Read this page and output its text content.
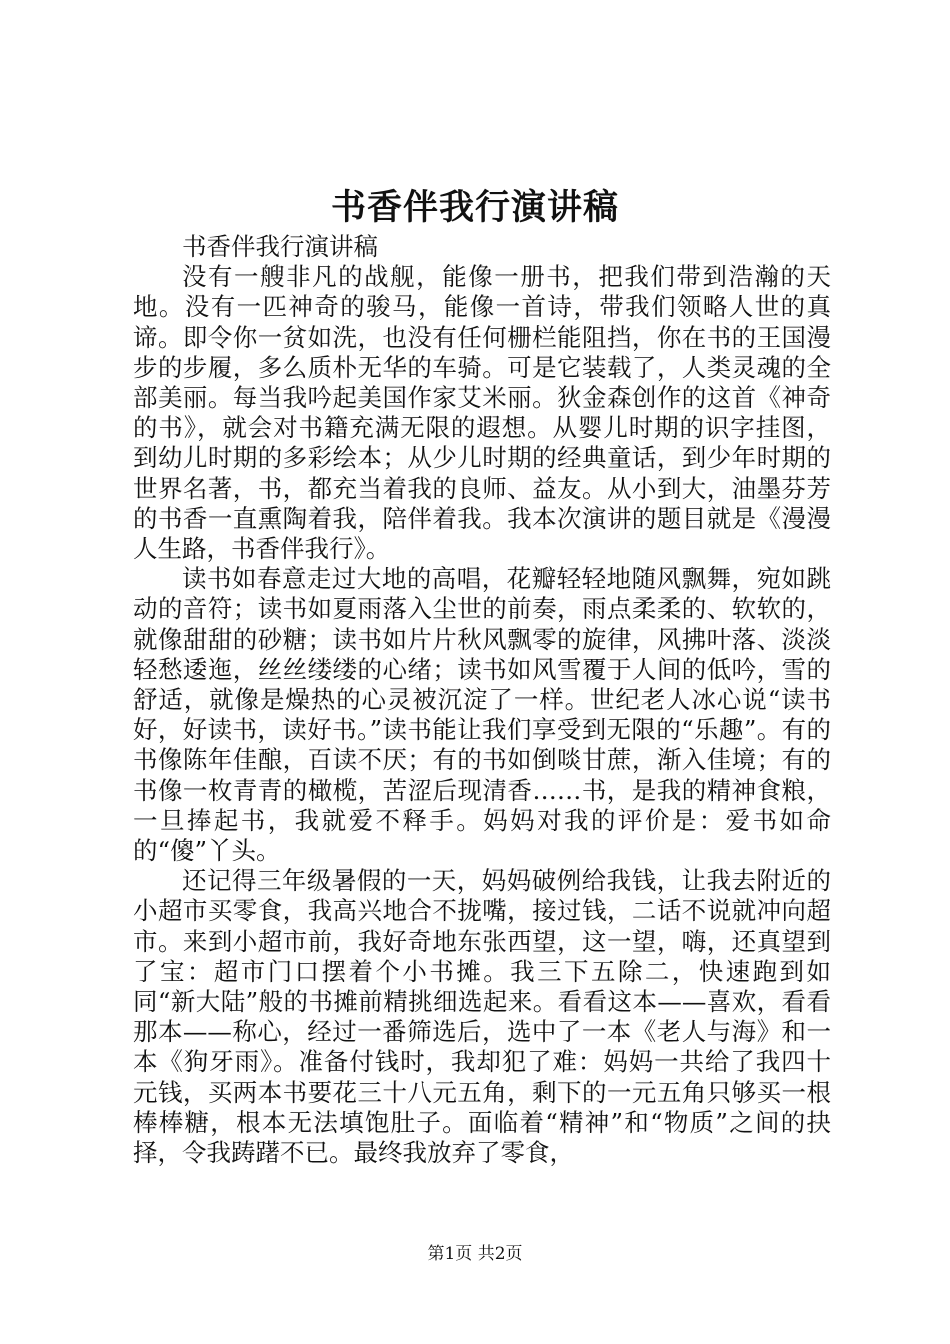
书香伴我行演讲稿

书香伴我行演讲稿

没有一艘非凡的战舰，能像一册书，把我们带到浩瀚的天地。没有一匹神奇的骏马，能像一首诗，带我们领略人世的真谛。即令你一贫如洗，也没有任何栅栏能阻挡，你在书的王国漫步的步履，多么质朴无华的车骑。可是它装载了，人类灵魂的全部美丽。每当我吟起美国作家艾米丽。狄金森创作的这首《神奇的书》，就会对书籍充满无限的遐想。从婴儿时期的识字挂图，到幼儿时期的多彩绘本；从少儿时期的经典童话，到少年时期的世界名著，书，都充当着我的良师、益友。从小到大，油墨芬芳的书香一直熏陶着我，陪伴着我。我本次演讲的题目就是《漫漫人生路，书香伴我行》。

读书如春意走过大地的高唱，花瓣轻轻地随风飘舞，宛如跳动的音符；读书如夏雨落入尘世的前奏，雨点柔柔的、软软的，就像甜甜的砂糖；读书如片片秋风飘零的旋律，风拂叶落、淡淡轻愁逶迤，丝丝缕缕的心绪；读书如风雪覆于人间的低吟，雪的舒适，就像是燥热的心灵被沉淀了一样。世纪老人冰心说“读书好，好读书，读好书。”读书能让我们享受到无限的“乐趣”。有的书像陈年佳酿，百读不厌；有的书如倒啖甘蔗，渐入佳境；有的书像一枚青青的橄榄，苦涩后现清香……书，是我的精神食粮，一旦捧起书，我就爱不释手。妈妈对我的评价是：爱书如命的“傻”丫头。

还记得三年级暑假的一天，妈妈破例给我钱，让我去附近的小超市买零食，我高兴地合不拢嘴，接过钱，二话不说就冲向超市。来到小超市前，我好奇地东张西望，这一望，嗨，还真望到了宝：超市门口摆着个小书摊。我三下五除二，快速跑到如同“新大陆”般的书摊前精挑细选起来。看看这本——喜欢，看看那本——称心，经过一番筛选后，选中了一本《老人与海》和一本《狗牙雨》。准备付钱时，我却犯了难：妈妈一共给了我四十元钱，买两本书要花三十八元五角，剩下的一元五角只够买一根棒棒糖，根本无法填饱肚子。面临着“精神”和“物质”之间的抉择，令我踌躇不已。最终我放弃了零食，

第1页 共2页
